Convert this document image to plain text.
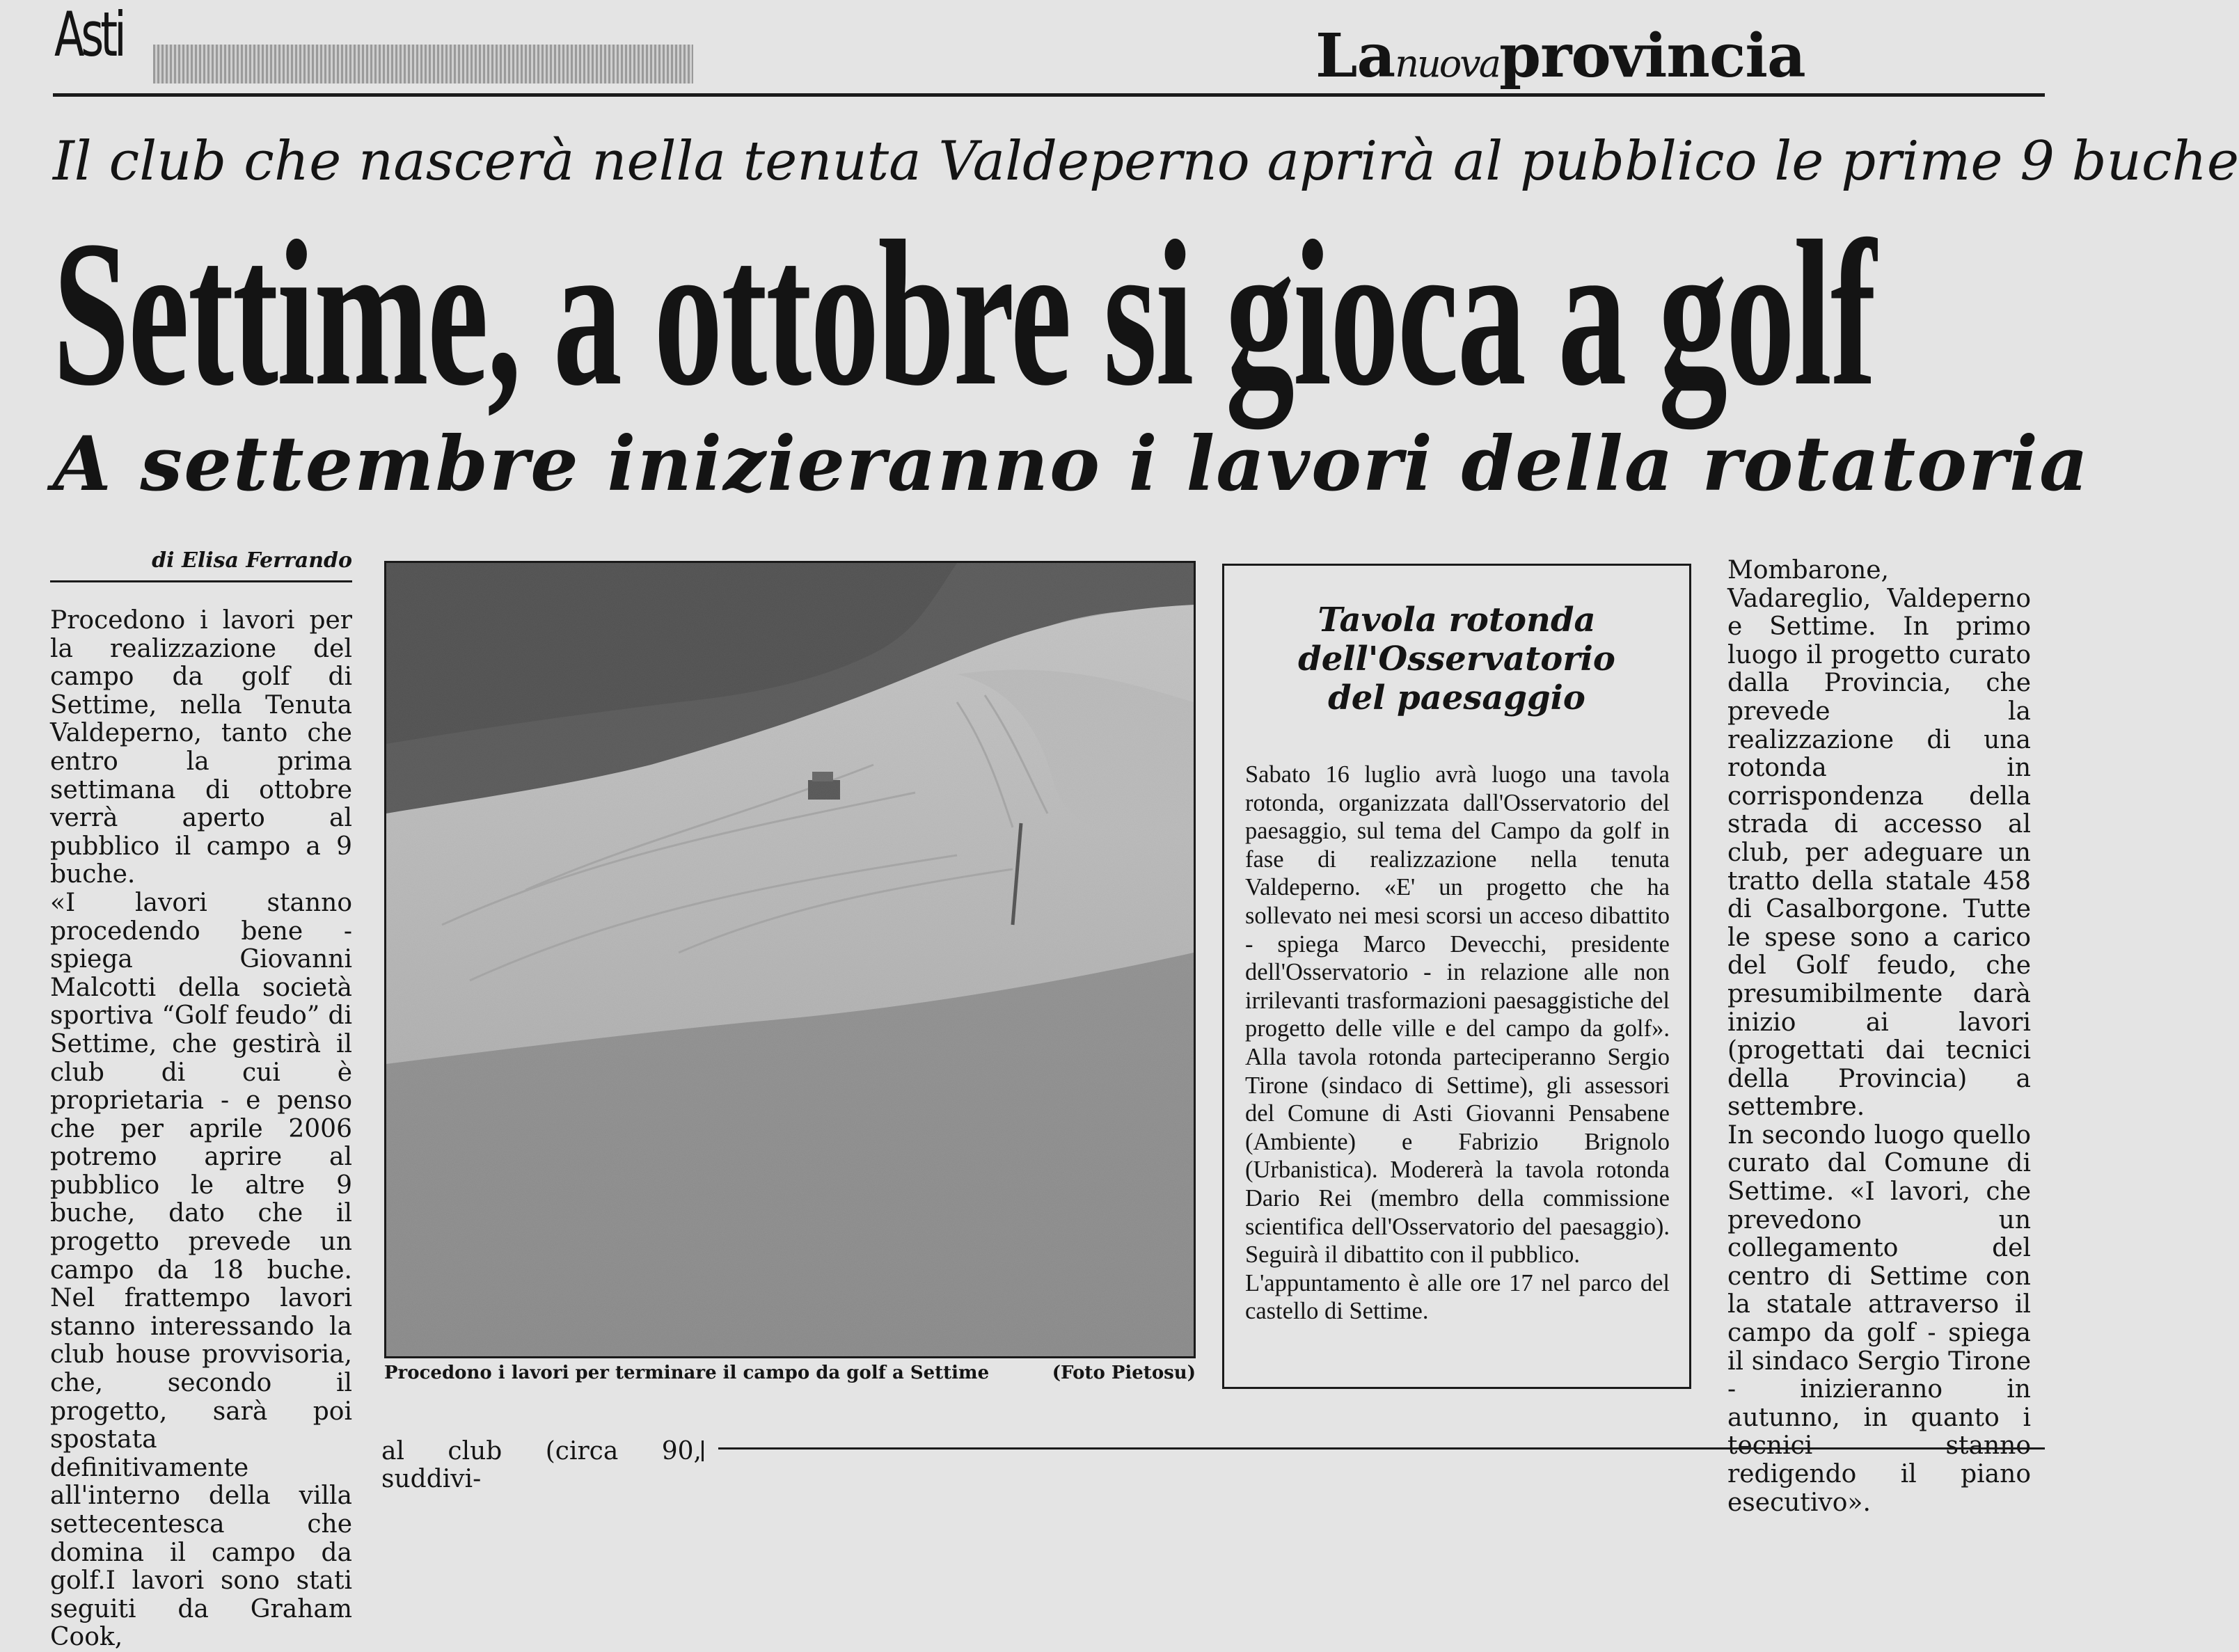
Asti	Lanuovaprovincia
Il club che nascerà nella tenuta Valdeperno aprirà al pubblico le prime 9 buche
Settime, a ottobre si gioca a golf
A settembre inizieranno i lavori della rotatoria
di Elisa Ferrando

Procedono i lavori per la realizzazione del campo da golf di Settime, nella Tenuta Valdeperno, tanto che entro la prima settimana di ottobre verrà aperto al pubblico il campo a 9 buche.

«I lavori stanno procedendo bene - spiega Giovanni Malcotti della società sportiva “Golf feudo” di Settime, che gestirà il club di cui è proprietaria - e penso che per aprile 2006 potremo aprire al pubblico le altre 9 buche, dato che il progetto prevede un campo da 18 buche. Nel frattempo lavori stanno interessando la club house provvisoria, che, secondo il progetto, sarà poi spostata definitivamente all'interno della villa settecentesca che domina il campo da golf.I lavori sono stati seguiti da Graham Cook,

Procedono i lavori per terminare il campo da golf a Settime	(Foto Pietosu)
al club (circa 90, suddivi-
Tavola rotonda
dell'Osservatorio
del paesaggio

Sabato 16 luglio avrà luogo una tavola rotonda, organizzata dall'Osservatorio del paesaggio, sul tema del Campo da golf in fase di realizzazione nella tenuta Valdeperno. «E' un progetto che ha sollevato nei mesi scorsi un acceso dibattito - spiega Marco Devecchi, presidente dell'Osservatorio - in relazione alle non irrilevanti trasformazioni paesaggistiche del progetto delle ville e del campo da golf». Alla tavola rotonda parteciperanno Sergio Tirone (sindaco di Settime), gli assessori del Comune di Asti Giovanni Pensabene (Ambiente) e Fabrizio Brignolo (Urbanistica). Modererà la tavola rotonda Dario Rei (membro della commissione scientifica dell'Osservatorio del paesaggio). Seguirà il dibattito con il pubblico.

L'appuntamento è alle ore 17 nel parco del castello di Settime.

Mombarone, Vadareglio, Valdeperno e Settime. In primo luogo il progetto curato dalla Provincia, che prevede la realizzazione di una rotonda in corrispondenza della strada di accesso al club, per adeguare un tratto della statale 458 di Casalborgone. Tutte le spese sono a carico del Golf feudo, che presumibilmente darà inizio ai lavori (progettati dai tecnici della Provincia) a settembre.

In secondo luogo quello curato dal Comune di Settime. «I lavori, che prevedono un collegamento del centro di Settime con la statale attraverso il campo da golf - spiega il sindaco Sergio Tirone - inizieranno in autunno, in quanto i tecnici stanno redigendo il piano esecutivo».
